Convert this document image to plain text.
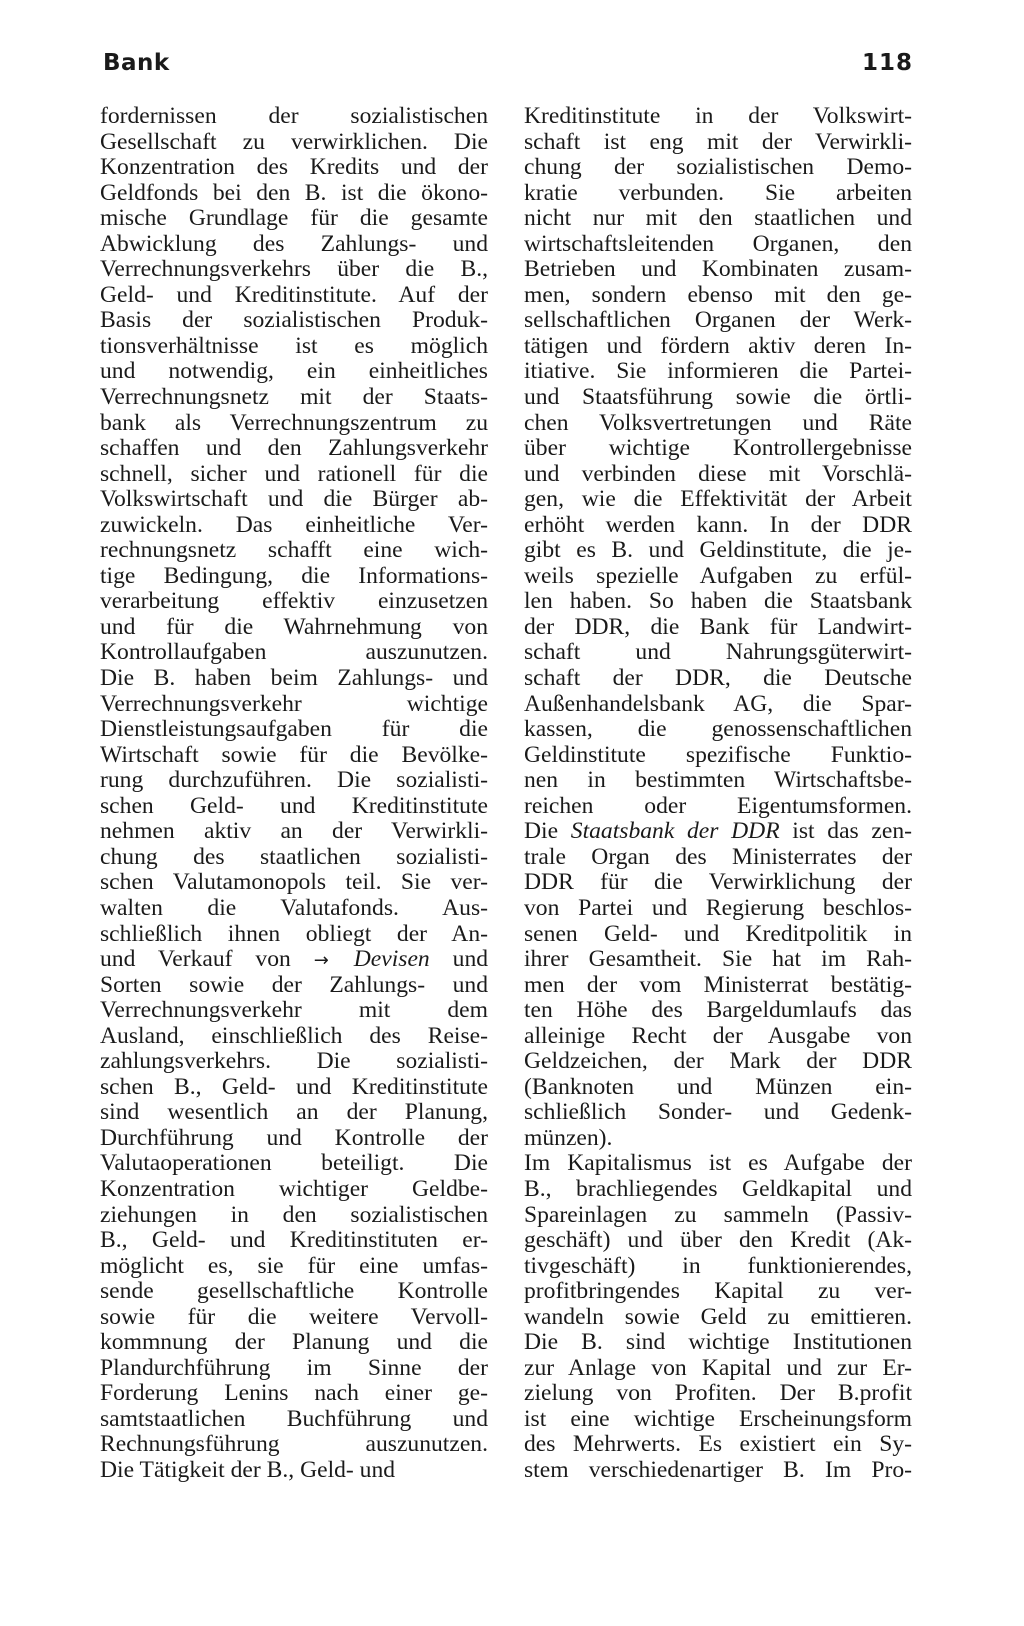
Bank	118
fordernissen der sozialistischen
Gesellschaft zu verwirklichen. Die
Konzentration des Kredits und der
Geldfonds bei den B. ist die ökono-
mische Grundlage für die gesamte
Abwicklung des Zahlungs- und
Verrechnungsverkehrs über die B.,
Geld- und Kreditinstitute. Auf der
Basis der sozialistischen Produk-
tionsverhältnisse ist es möglich
und notwendig, ein einheitliches
Verrechnungsnetz mit der Staats-
bank als Verrechnungszentrum zu
schaffen und den Zahlungsverkehr
schnell, sicher und rationell für die
Volkswirtschaft und die Bürger ab-
zuwickeln. Das einheitliche Ver-
rechnungsnetz schafft eine wich-
tige Bedingung, die Informations-
verarbeitung effektiv einzusetzen
und für die Wahrnehmung von
Kontrollaufgaben auszunutzen.
Die B. haben beim Zahlungs- und
Verrechnungsverkehr wichtige
Dienstleistungsaufgaben für die
Wirtschaft sowie für die Bevölke-
rung durchzuführen. Die sozialisti-
schen Geld- und Kreditinstitute
nehmen aktiv an der Verwirkli-
chung des staatlichen sozialisti-
schen Valutamonopols teil. Sie ver-
walten die Valutafonds. Aus-
schließlich ihnen obliegt der An-
und Verkauf von → Devisen und
Sorten sowie der Zahlungs- und
Verrechnungsverkehr mit dem
Ausland, einschließlich des Reise-
zahlungsverkehrs. Die sozialisti-
schen B., Geld- und Kreditinstitute
sind wesentlich an der Planung,
Durchführung und Kontrolle der
Valutaoperationen beteiligt. Die
Konzentration wichtiger Geldbe-
ziehungen in den sozialistischen
B., Geld- und Kreditinstituten er-
möglicht es, sie für eine umfas-
sende gesellschaftliche Kontrolle
sowie für die weitere Vervoll-
kommnung der Planung und die
Plandurchführung im Sinne der
Forderung Lenins nach einer ge-
samtstaatlichen Buchführung und
Rechnungsführung auszunutzen.
Die Tätigkeit der B., Geld- und
Kreditinstitute in der Volkswirt-
schaft ist eng mit der Verwirkli-
chung der sozialistischen Demo-
kratie verbunden. Sie arbeiten
nicht nur mit den staatlichen und
wirtschaftsleitenden Organen, den
Betrieben und Kombinaten zusam-
men, sondern ebenso mit den ge-
sellschaftlichen Organen der Werk-
tätigen und fördern aktiv deren In-
itiative. Sie informieren die Partei-
und Staatsführung sowie die örtli-
chen Volksvertretungen und Räte
über wichtige Kontrollergebnisse
und verbinden diese mit Vorschlä-
gen, wie die Effektivität der Arbeit
erhöht werden kann. In der DDR
gibt es B. und Geldinstitute, die je-
weils spezielle Aufgaben zu erfül-
len haben. So haben die Staatsbank
der DDR, die Bank für Landwirt-
schaft und Nahrungsgüterwirt-
schaft der DDR, die Deutsche
Außenhandelsbank AG, die Spar-
kassen, die genossenschaftlichen
Geldinstitute spezifische Funktio-
nen in bestimmten Wirtschaftsbe-
reichen oder Eigentumsformen.
Die Staatsbank der DDR ist das zen-
trale Organ des Ministerrates der
DDR für die Verwirklichung der
von Partei und Regierung beschlos-
senen Geld- und Kreditpolitik in
ihrer Gesamtheit. Sie hat im Rah-
men der vom Ministerrat bestätig-
ten Höhe des Bargeldumlaufs das
alleinige Recht der Ausgabe von
Geldzeichen, der Mark der DDR
(Banknoten und Münzen ein-
schließlich Sonder- und Gedenk-
münzen).
Im Kapitalismus ist es Aufgabe der
B., brachliegendes Geldkapital und
Spareinlagen zu sammeln (Passiv-
geschäft) und über den Kredit (Ak-
tivgeschäft) in funktionierendes,
profitbringendes Kapital zu ver-
wandeln sowie Geld zu emittieren.
Die B. sind wichtige Institutionen
zur Anlage von Kapital und zur Er-
zielung von Profiten. Der B.profit
ist eine wichtige Erscheinungsform
des Mehrwerts. Es existiert ein Sy-
stem verschiedenartiger B. Im Pro-
